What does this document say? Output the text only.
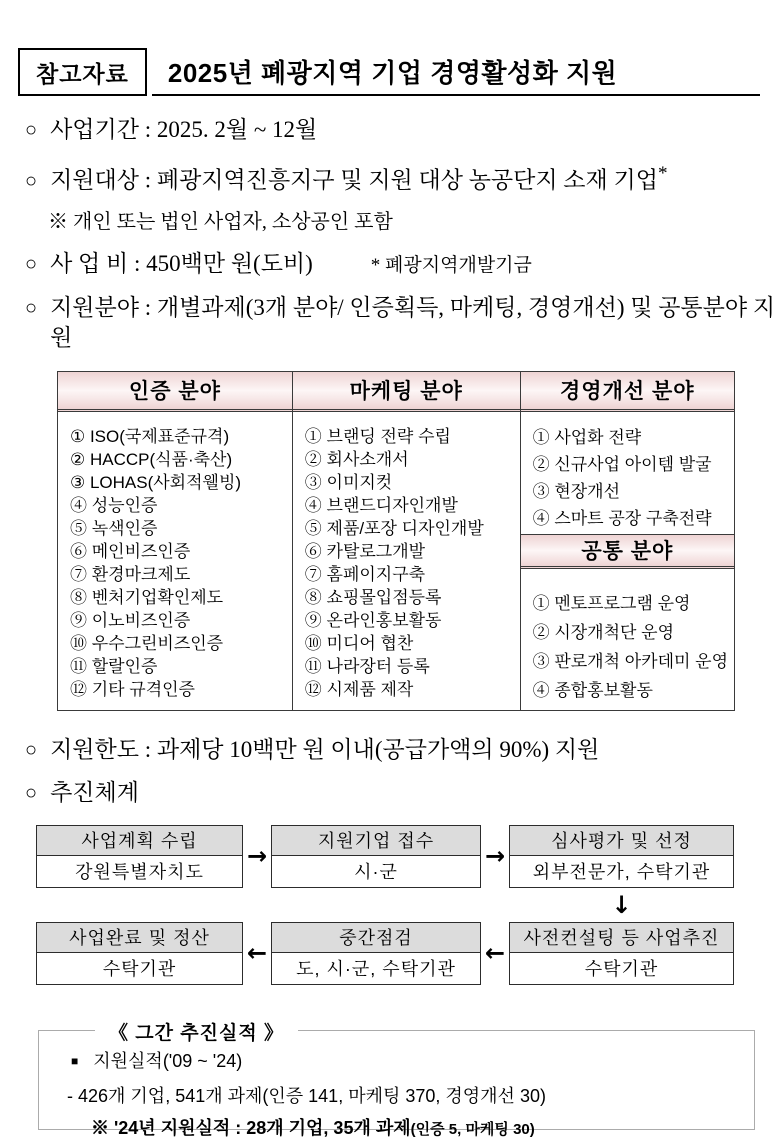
참고자료	2025년 폐광지역 기업 경영활성화 지원
○ 사업기간 : 2025. 2월 ~ 12월
○ 지원대상 : 폐광지역진흥지구 및 지원 대상 농공단지 소재 기업*
※ 개인 또는 법인 사업자, 소상공인 포함
○ 사 업 비 : 450백만 원(도비)	* 폐광지역개발기금
○ 지원분야 : 개별과제(3개 분야/ 인증획득, 마케팅, 경영개선) 및 공통분야 지원
인증 분야
① ISO(국제표준규격)
② HACCP(식품·축산)
③ LOHAS(사회적웰빙)
④ 성능인증
⑤ 녹색인증
⑥ 메인비즈인증
⑦ 환경마크제도
⑧ 벤처기업확인제도
⑨ 이노비즈인증
⑩ 우수그린비즈인증
⑪ 할랄인증
⑫ 기타 규격인증
마케팅 분야
① 브랜딩 전략 수립
② 회사소개서
③ 이미지컷
④ 브랜드디자인개발
⑤ 제품/포장 디자인개발
⑥ 카탈로그개발
⑦ 홈페이지구축
⑧ 쇼핑몰입점등록
⑨ 온라인홍보활동
⑩ 미디어 협찬
⑪ 나라장터 등록
⑫ 시제품 제작
경영개선 분야
① 사업화 전략
② 신규사업 아이템 발굴
③ 현장개선
④ 스마트 공장 구축전략
공통 분야
① 멘토프로그램 운영
② 시장개척단 운영
③ 판로개척 아카데미 운영
④ 종합홍보활동
○ 지원한도 : 과제당 10백만 원 이내(공급가액의 90%) 지원
○ 추진체계
사업계획 수립
강원특별자치도
→
지원기업 접수
시·군
→
심사평가 및 선정
외부전문가, 수탁기관
↓
사업완료 및 정산
수탁기관
←
중간점검
도, 시·군, 수탁기관
←
사전컨설팅 등 사업추진
수탁기관
《 그간 추진실적 》
■ 지원실적('09 ~ '24)
- 426개 기업, 541개 과제(인증 141, 마케팅 370, 경영개선 30)
※ '24년 지원실적 : 28개 기업, 35개 과제(인증 5, 마케팅 30)
